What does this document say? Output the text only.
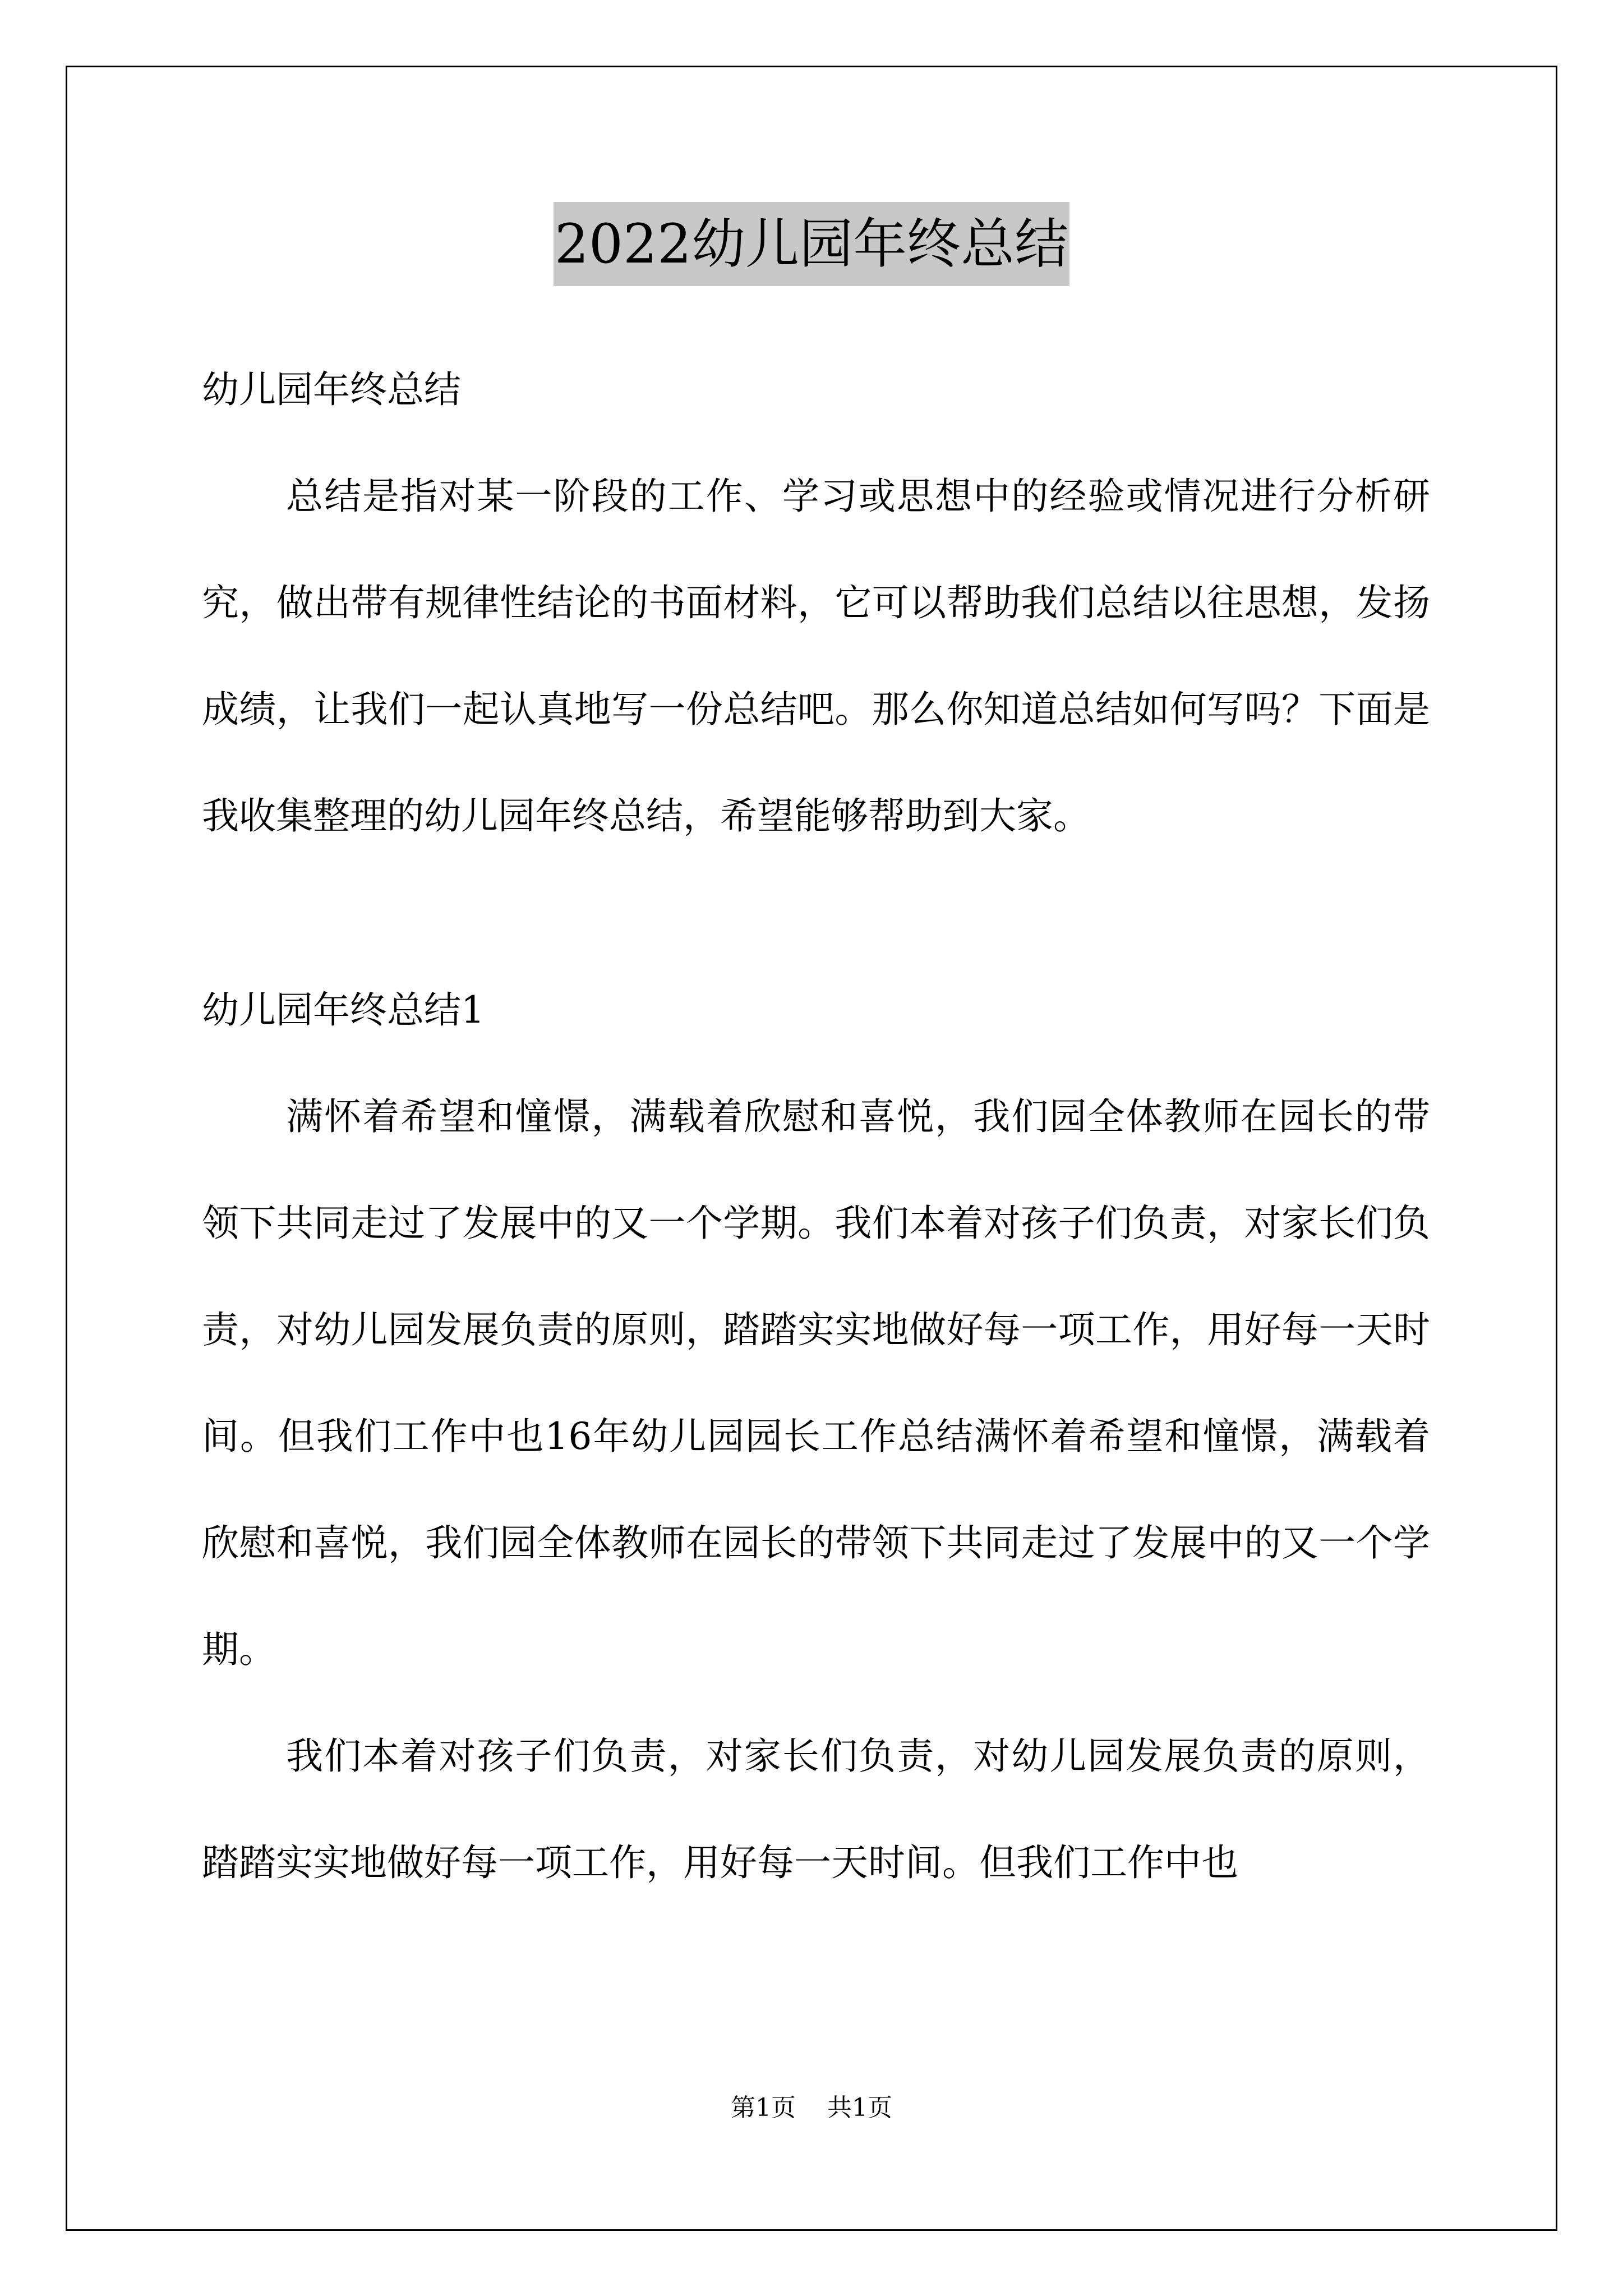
2022幼儿园年终总结

幼儿园年终总结

总结是指对某一阶段的工作、学习或思想中的经验或情况进行分析研究，做出带有规律性结论的书面材料，它可以帮助我们总结以往思想，发扬成绩，让我们一起认真地写一份总结吧。那么你知道总结如何写吗？下面是我收集整理的幼儿园年终总结，希望能够帮助到大家。

幼儿园年终总结1

满怀着希望和憧憬，满载着欣慰和喜悦，我们园全体教师在园长的带领下共同走过了发展中的又一个学期。我们本着对孩子们负责，对家长们负责，对幼儿园发展负责的原则，踏踏实实地做好每一项工作，用好每一天时间。但我们工作中也16年幼儿园园长工作总结满怀着希望和憧憬，满载着欣慰和喜悦，我们园全体教师在园长的带领下共同走过了发展中的又一个学期。

我们本着对孩子们负责，对家长们负责，对幼儿园发展负责的原则，踏踏实实地做好每一项工作，用好每一天时间。但我们工作中也

第1页 共1页
